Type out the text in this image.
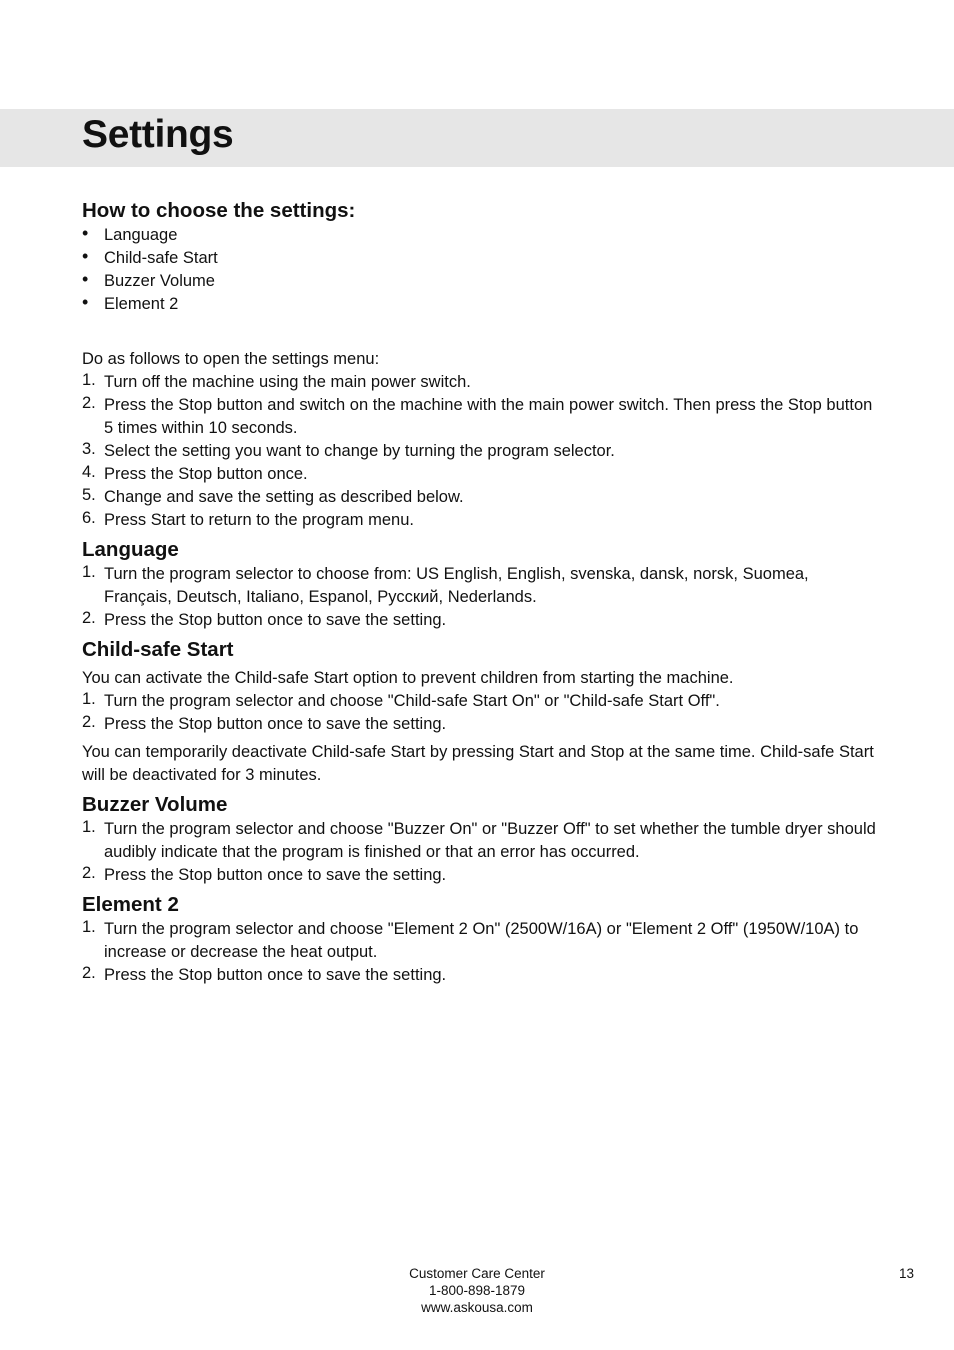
Settings
How to choose the settings:
• Language
• Child-safe Start
• Buzzer Volume
• Element 2

Do as follows to open the settings menu:

1. Turn off the machine using the main power switch.
2. Press the Stop button and switch on the machine with the main power switch. Then press the Stop button 5 times within 10 seconds.
3. Select the setting you want to change by turning the program selector.
4. Press the Stop button once.
5. Change and save the setting as described below.
6. Press Start to return to the program menu.
Language
1. Turn the program selector to choose from: US English, English, svenska, dansk, norsk, Suomea, Français, Deutsch, Italiano, Espanol, Русский, Nederlands.
2. Press the Stop button once to save the setting.
Child-safe Start

You can activate the Child-safe Start option to prevent children from starting the machine.

1. Turn the program selector and choose "Child-safe Start On" or "Child-safe Start Off".
2. Press the Stop button once to save the setting.

You can temporarily deactivate Child-safe Start by pressing Start and Stop at the same time. Child-safe Start will be deactivated for 3 minutes.

Buzzer Volume
1. Turn the program selector and choose "Buzzer On" or "Buzzer Off" to set whether the tumble dryer should audibly indicate that the program is finished or that an error has occurred.
2. Press the Stop button once to save the setting.
Element 2
1. Turn the program selector and choose "Element 2 On" (2500W/16A) or "Element 2 Off" (1950W/10A) to increase or decrease the heat output.
2. Press the Stop button once to save the setting.
Customer Care Center
1-800-898-1879
www.askousa.com
13
